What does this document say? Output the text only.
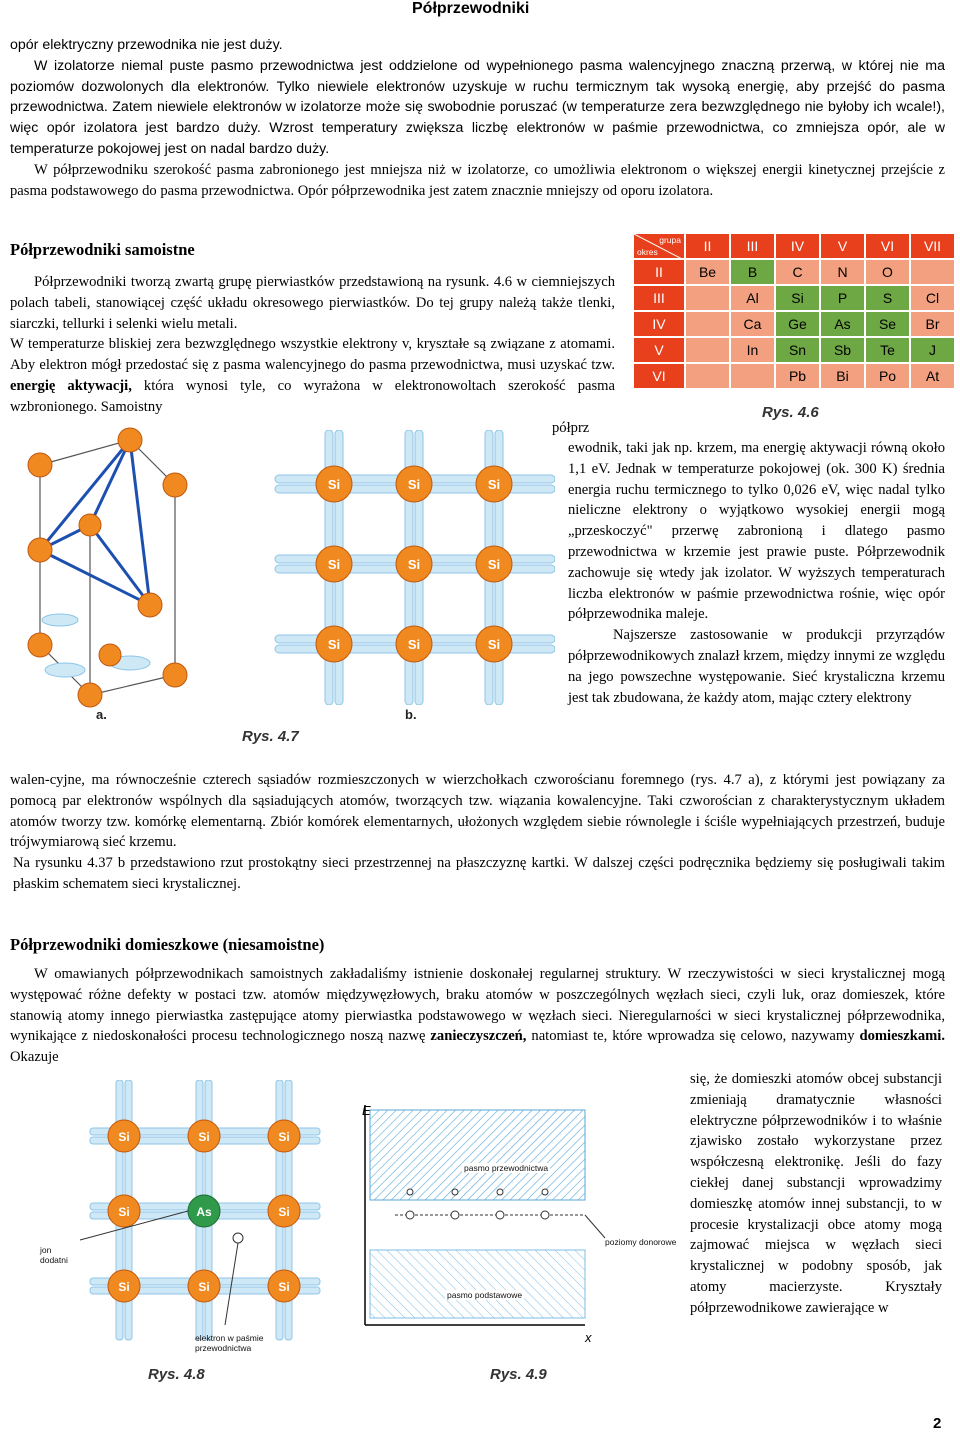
Półprzewodniki

opór elektryczny przewodnika nie jest duży.

W izolatorze niemal puste pasmo przewodnictwa jest oddzielone od wypełnionego pasma walencyjnego znaczną przerwą, w której nie ma poziomów dozwolonych dla elektronów. Tylko niewiele elektronów uzyskuje w ruchu termicznym tak wysoką energię, aby przejść do pasma przewodnictwa. Zatem niewiele elektronów w izolatorze może się swobodnie poruszać (w temperaturze zera bezwzględnego nie byłoby ich wcale!), więc opór izolatora jest bardzo duży. Wzrost temperatury zwiększa liczbę elektronów w paśmie przewodnictwa, co zmniejsza opór, ale w temperaturze pokojowej jest on nadal bardzo duży.

W półprzewodniku szerokość pasma zabronionego jest mniejsza niż w izolatorze, co umożliwia elektronom o większej energii kinetycznej przejście z pasma podstawowego do pasma przewodnictwa. Opór półprzewodnika jest zatem znacznie mniejszy od oporu izolatora.

Półprzewodniki samoistne

Półprzewodniki tworzą zwartą grupę pierwiastków przedstawioną na rysunk. 4.6 w ciemniejszych polach tabeli, stanowiącej część układu okresowego pierwiastków. Do tej grupy należą także tlenki, siarczki, tellurki i selenki wielu metali.

W temperaturze bliskiej zera bezwzględnego wszystkie elektrony v, kryształe są związane z atomami. Aby elektron mógł przedostać się z pasma walencyjnego do pasma przewodnictwa, musi uzyskać tzw. energię aktywacji, która wynosi tyle, co wyrażona w elektronowoltach szerokość pasma wzbronionego. Samoistny

półprz
grupa
okres	II	III	IV	V	VI	VII
II	Be	B	C	N	O	
III		Al	Si	P	S	Cl
IV		Ca	Ge	As	Se	Br
V		In	Sn	Sb	Te	J
VI			Pb	Bi	Po	At
Rys. 4.6
a.
Si	Si	Si
Si	Si	Si
Si	Si	Si
b.
Rys. 4.7

ewodnik, taki jak np. krzem, ma energię aktywacji równą około 1,1 eV. Jednak w temperaturze pokojowej (ok. 300 K) średnia energia ruchu termicznego to tylko 0,026 eV, więc nadal tylko nieliczne elektrony o wyjątkowo wysokiej energii mogą „przeskoczyć" przerwę zabronioną i dlatego pasmo przewodnictwa w krzemie jest prawie puste. Półprzewodnik zachowuje się wtedy jak izolator. W wyższych temperaturach liczba elektronów w paśmie przewodnictwa rośnie, więc opór półprzewodnika maleje.

Najszersze zastosowanie w produkcji przyrządów półprzewodnikowych znalazł krzem, między innymi ze względu na jego powszechne występowanie. Sieć krystaliczna krzemu jest tak zbudowana, że każdy atom, mając cztery elektrony

walen-cyjne, ma równocześnie czterech sąsiadów rozmieszczonych w wierzchołkach czworościanu foremnego (rys. 4.7 a), z którymi jest powiązany za pomocą par elektronów wspólnych dla sąsiadujących atomów, tworzących tzw. wiązania kowalencyjne. Taki czworościan z charakterystycznym układem atomów tworzy tzw. komórkę elementarną. Zbiór komórek elementarnych, ułożonych względem siebie równolegle i ściśle wypełniających przestrzeń, buduje trójwymiarową sieć krzemu.

Na rysunku 4.37 b przedstawiono rzut prostokątny sieci przestrzennej na płaszczyznę kartki. W dalszej części podręcznika będziemy się posługiwali takim płaskim schematem sieci krystalicznej.

Półprzewodniki domieszkowe (niesamoistne)

W omawianych półprzewodnikach samoistnych zakładaliśmy istnienie doskonałej regularnej struktury. W rzeczywistości w sieci krystalicznej mogą występować różne defekty w postaci tzw. atomów międzywęzłowych, braku atomów w poszczególnych węzłach sieci, czyli luk, oraz domieszek, które stanowią atomy innego pierwiastka zastępujące atomy pierwiastka podstawowego w węzłach sieci. Nieregularności w sieci krystalicznej półprzewodnika, wynikające z niedoskonałości procesu technologicznego noszą nazwę zanieczyszczeń, natomiast te, które wprowadza się celowo, nazywamy domieszkami. Okazuje

się, że domieszki atomów obcej substancji zmieniają dramatycznie własności elektryczne półprzewodników i to właśnie zjawisko zostało wykorzystane przez współczesną elektronikę. Jeśli do fazy ciekłej danej substancji wprowadzimy domieszkę atomów innej substancji, to w procesie krystalizacji obce atomy mogą zajmować miejsca w węzłach sieci krystalicznej w podobny sposób, jak atomy macierzyste. Kryształy półprzewodnikowe zawierające w

Si	Si	Si
Si	As	Si
Si	Si	Si
jon dodatni
elektron w paśmie przewodnictwa
Rys. 4.8
E
x
pasmo przewodnictwa
pasmo podstawowe
poziomy donorowe
Rys. 4.9
2
